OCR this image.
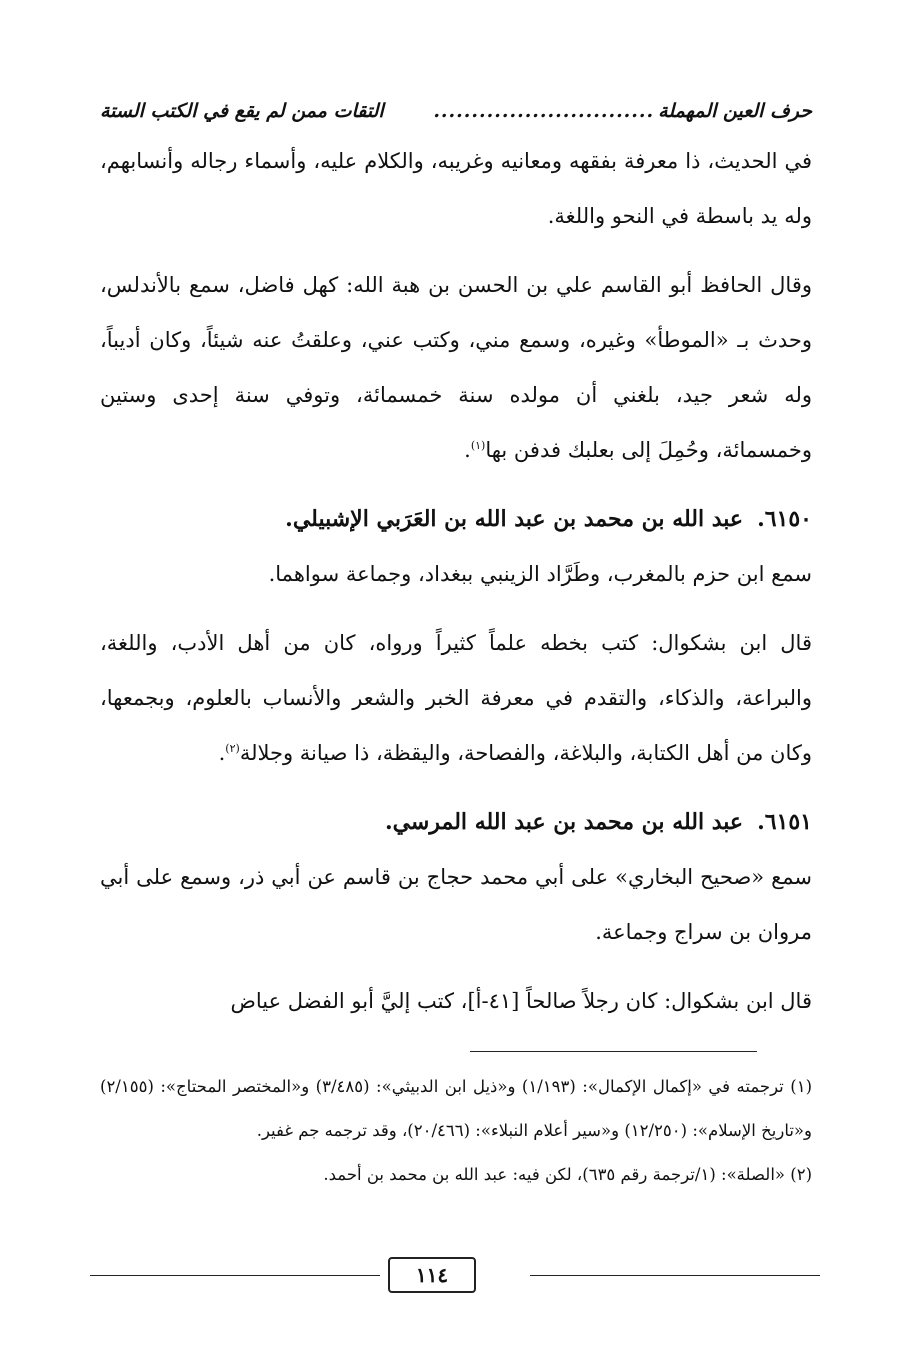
حرف العين المهملة
.............................
التقات ممن لم يقع في الكتب الستة

في الحديث، ذا معرفة بفقهه ومعانيه وغريبه، والكلام عليه، وأسماء رجاله وأنسابهم، وله يد باسطة في النحو واللغة.

وقال الحافظ أبو القاسم علي بن الحسن بن هبة الله: كهل فاضل، سمع بالأندلس، وحدث بـ «الموطأ» وغيره، وسمع مني، وكتب عني، وعلقتُ عنه شيئاً، وكان أديباً، وله شعر جيد، بلغني أن مولده سنة خمسمائة، وتوفي سنة إحدى وستين وخمسمائة، وحُمِلَ إلى بعلبك فدفن بها$^{(١)}$.

٦١٥٠.عبد الله بن محمد بن عبد الله بن العَرَبي الإشبيلي.

سمع ابن حزم بالمغرب، وطَرَّاد الزينبي ببغداد، وجماعة سواهما.

قال ابن بشكوال: كتب بخطه علماً كثيراً ورواه، كان من أهل الأدب، واللغة، والبراعة، والذكاء، والتقدم في معرفة الخبر والشعر والأنساب بالعلوم، وبجمعها، وكان من أهل الكتابة، والبلاغة، والفصاحة، واليقظة، ذا صيانة وجلالة$^{(٢)}$.

٦١٥١.عبد الله بن محمد بن عبد الله المرسي.

سمع «صحيح البخاري» على أبي محمد حجاج بن قاسم عن أبي ذر، وسمع على أبي مروان بن سراج وجماعة.

قال ابن بشكوال: كان رجلاً صالحاً [٤١-أ]، كتب إليَّ أبو الفضل عياض

(١) ترجمته في «إكمال الإكمال»: (١/١٩٣) و«ذيل ابن الدبيثي»: (٣/٤٨٥) و«المختصر المحتاج»: (٢/١٥٥) و«تاريخ الإسلام»: (١٢/٢٥٠) و«سير أعلام النبلاء»: (٢٠/٤٦٦)، وقد ترجمه جم غفير.

(٢) «الصلة»: (١/ترجمة رقم ٦٣٥)، لكن فيه: عبد الله بن محمد بن أحمد.

١١٤
